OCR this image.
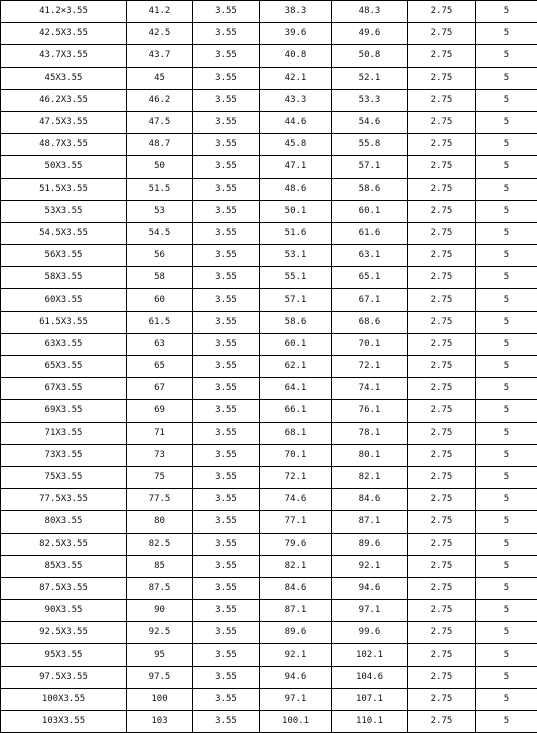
41.2×3.55	41.2	3.55	38.3	48.3	2.75	5
42.5X3.55	42.5	3.55	39.6	49.6	2.75	5
43.7X3.55	43.7	3.55	40.8	50.8	2.75	5
45X3.55	45	3.55	42.1	52.1	2.75	5
46.2X3.55	46.2	3.55	43.3	53.3	2.75	5
47.5X3.55	47.5	3.55	44.6	54.6	2.75	5
48.7X3.55	48.7	3.55	45.8	55.8	2.75	5
50X3.55	50	3.55	47.1	57.1	2.75	5
51.5X3.55	51.5	3.55	48.6	58.6	2.75	5
53X3.55	53	3.55	50.1	60.1	2.75	5
54.5X3.55	54.5	3.55	51.6	61.6	2.75	5
56X3.55	56	3.55	53.1	63.1	2.75	5
58X3.55	58	3.55	55.1	65.1	2.75	5
60X3.55	60	3.55	57.1	67.1	2.75	5
61.5X3.55	61.5	3.55	58.6	68.6	2.75	5
63X3.55	63	3.55	60.1	70.1	2.75	5
65X3.55	65	3.55	62.1	72.1	2.75	5
67X3.55	67	3.55	64.1	74.1	2.75	5
69X3.55	69	3.55	66.1	76.1	2.75	5
71X3.55	71	3.55	68.1	78.1	2.75	5
73X3.55	73	3.55	70.1	80.1	2.75	5
75X3.55	75	3.55	72.1	82.1	2.75	5
77.5X3.55	77.5	3.55	74.6	84.6	2.75	5
80X3.55	80	3.55	77.1	87.1	2.75	5
82.5X3.55	82.5	3.55	79.6	89.6	2.75	5
85X3.55	85	3.55	82.1	92.1	2.75	5
87.5X3.55	87.5	3.55	84.6	94.6	2.75	5
90X3.55	90	3.55	87.1	97.1	2.75	5
92.5X3.55	92.5	3.55	89.6	99.6	2.75	5
95X3.55	95	3.55	92.1	102.1	2.75	5
97.5X3.55	97.5	3.55	94.6	104.6	2.75	5
100X3.55	100	3.55	97.1	107.1	2.75	5
103X3.55	103	3.55	100.1	110.1	2.75	5
